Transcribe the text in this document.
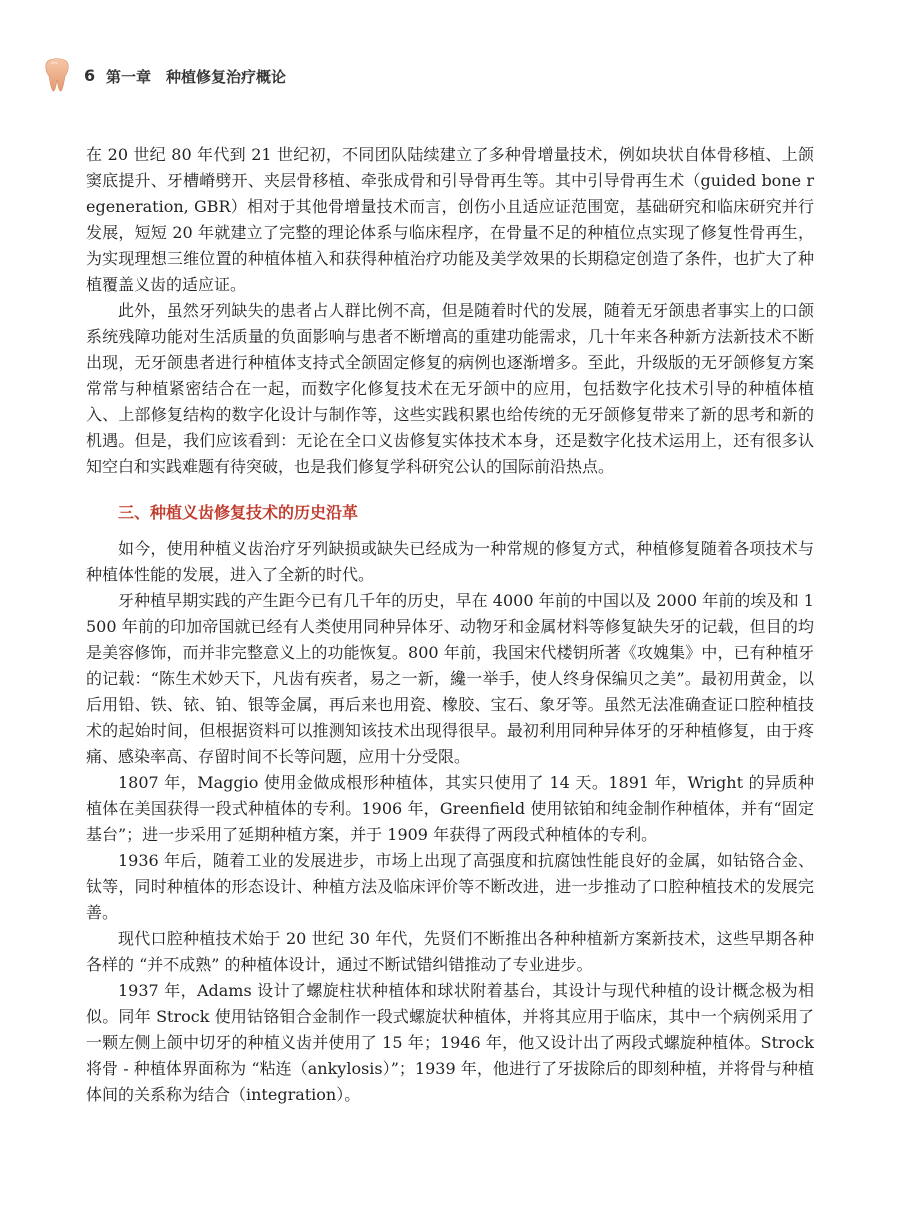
6 第一章　种植修复治疗概论

在 20 世纪 80 年代到 21 世纪初，不同团队陆续建立了多种骨增量技术，例如块状自体骨移植、上颌窦底提升、牙槽嵴劈开、夹层骨移植、牵张成骨和引导骨再生等。其中引导骨再生术（guided bone regeneration, GBR）相对于其他骨增量技术而言，创伤小且适应证范围宽，基础研究和临床研究并行发展，短短 20 年就建立了完整的理论体系与临床程序，在骨量不足的种植位点实现了修复性骨再生，为实现理想三维位置的种植体植入和获得种植治疗功能及美学效果的长期稳定创造了条件，也扩大了种植覆盖义齿的适应证。

此外，虽然牙列缺失的患者占人群比例不高，但是随着时代的发展，随着无牙颌患者事实上的口颌系统残障功能对生活质量的负面影响与患者不断增高的重建功能需求，几十年来各种新方法新技术不断出现，无牙颌患者进行种植体支持式全颌固定修复的病例也逐渐增多。至此，升级版的无牙颌修复方案常常与种植紧密结合在一起，而数字化修复技术在无牙颌中的应用，包括数字化技术引导的种植体植入、上部修复结构的数字化设计与制作等，这些实践积累也给传统的无牙颌修复带来了新的思考和新的机遇。但是，我们应该看到：无论在全口义齿修复实体技术本身，还是数字化技术运用上，还有很多认知空白和实践难题有待突破，也是我们修复学科研究公认的国际前沿热点。

三、种植义齿修复技术的历史沿革

如今，使用种植义齿治疗牙列缺损或缺失已经成为一种常规的修复方式，种植修复随着各项技术与种植体性能的发展，进入了全新的时代。

牙种植早期实践的产生距今已有几千年的历史，早在 4000 年前的中国以及 2000 年前的埃及和 1500 年前的印加帝国就已经有人类使用同种异体牙、动物牙和金属材料等修复缺失牙的记载，但目的均是美容修饰，而并非完整意义上的功能恢复。800 年前，我国宋代楼钥所著《攻媿集》中，已有种植牙的记载：“陈生术妙天下，凡齿有疾者，易之一新，纔一举手，使人终身保编贝之美”。最初用黄金，以后用铅、铁、铱、铂、银等金属，再后来也用瓷、橡胶、宝石、象牙等。虽然无法准确查证口腔种植技术的起始时间，但根据资料可以推测知该技术出现得很早。最初利用同种异体牙的牙种植修复，由于疼痛、感染率高、存留时间不长等问题，应用十分受限。

1807 年，Maggio 使用金做成根形种植体，其实只使用了 14 天。1891 年，Wright 的异质种植体在美国获得一段式种植体的专利。1906 年，Greenfield 使用铱铂和纯金制作种植体，并有“固定基台”；进一步采用了延期种植方案，并于 1909 年获得了两段式种植体的专利。

1936 年后，随着工业的发展进步，市场上出现了高强度和抗腐蚀性能良好的金属，如钴铬合金、钛等，同时种植体的形态设计、种植方法及临床评价等不断改进，进一步推动了口腔种植技术的发展完善。

现代口腔种植技术始于 20 世纪 30 年代，先贤们不断推出各种种植新方案新技术，这些早期各种各样的 “并不成熟” 的种植体设计，通过不断试错纠错推动了专业进步。

1937 年，Adams 设计了螺旋柱状种植体和球状附着基台，其设计与现代种植的设计概念极为相似。同年 Strock 使用钴铬钼合金制作一段式螺旋状种植体，并将其应用于临床，其中一个病例采用了一颗左侧上颌中切牙的种植义齿并使用了 15 年；1946 年，他又设计出了两段式螺旋种植体。Strock 将骨 - 种植体界面称为 “粘连（ankylosis）”；1939 年，他进行了牙拔除后的即刻种植，并将骨与种植体间的关系称为结合（integration）。
